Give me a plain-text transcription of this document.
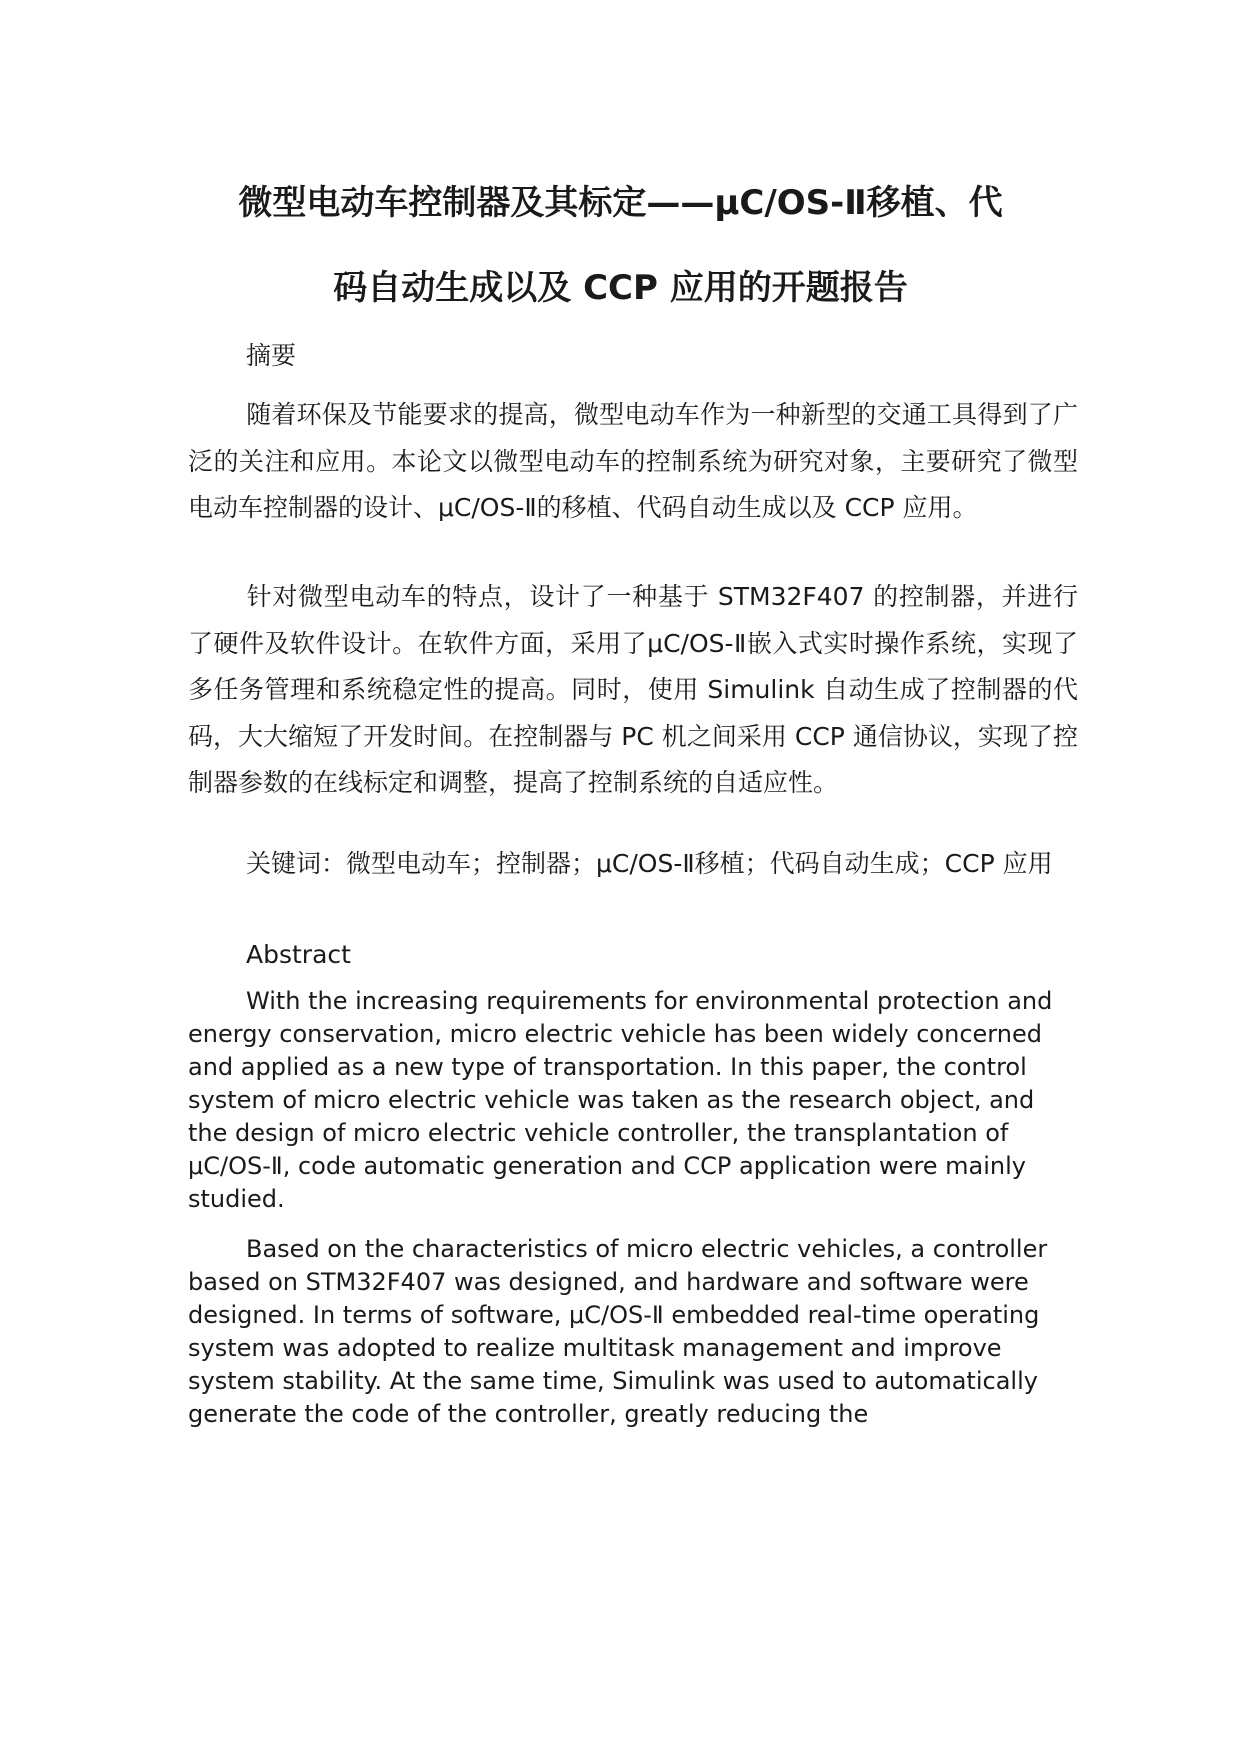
微型电动车控制器及其标定——μC/OS-Ⅱ移植、代
码自动生成以及 CCP 应用的开题报告

摘要

随着环保及节能要求的提高，微型电动车作为一种新型的交通工具得到了广泛的关注和应用。本论文以微型电动车的控制系统为研究对象，主要研究了微型电动车控制器的设计、μC/OS-Ⅱ的移植、代码自动生成以及 CCP 应用。

针对微型电动车的特点，设计了一种基于 STM32F407 的控制器，并进行了硬件及软件设计。在软件方面，采用了μC/OS-Ⅱ嵌入式实时操作系统，实现了多任务管理和系统稳定性的提高。同时，使用 Simulink 自动生成了控制器的代码，大大缩短了开发时间。在控制器与 PC 机之间采用 CCP 通信协议，实现了控制器参数的在线标定和调整，提高了控制系统的自适应性。

关键词：微型电动车；控制器；μC/OS-Ⅱ移植；代码自动生成；CCP 应用

Abstract

With the increasing requirements for environmental protection and energy conservation, micro electric vehicle has been widely concerned and applied as a new type of transportation. In this paper, the control system of micro electric vehicle was taken as the research object, and the design of micro electric vehicle controller, the transplantation of μC/OS-Ⅱ, code automatic generation and CCP application were mainly studied.

Based on the characteristics of micro electric vehicles, a controller based on STM32F407 was designed, and hardware and software were designed. In terms of software, μC/OS-Ⅱ embedded real-time operating system was adopted to realize multitask management and improve system stability. At the same time, Simulink was used to automatically generate the code of the controller, greatly reducing the
